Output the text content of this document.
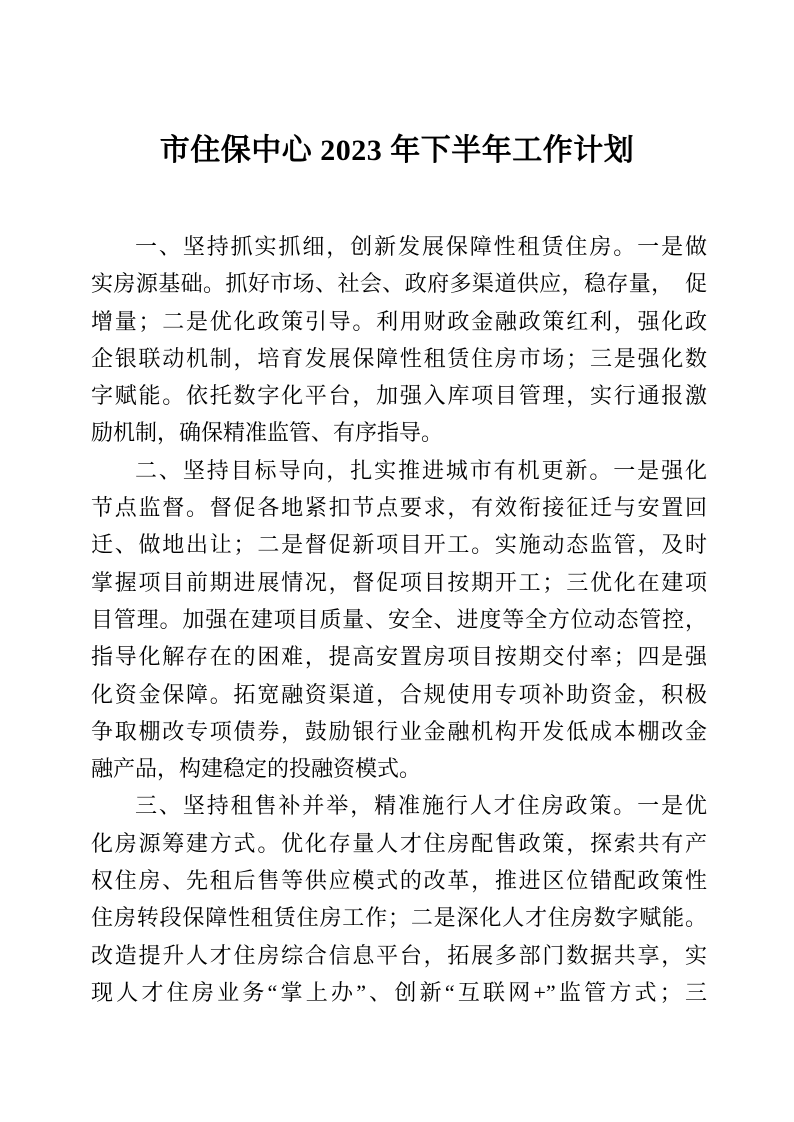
市住保中心 2023 年下半年工作计划
一、坚持抓实抓细，创新发展保障性租赁住房。一是做
实房源基础。抓好市场、社会、政府多渠道供应，稳存量，　促
增量；二是优化政策引导。利用财政金融政策红利，强化政
企银联动机制，培育发展保障性租赁住房市场；三是强化数
字赋能。依托数字化平台，加强入库项目管理，实行通报激
励机制，确保精准监管、有序指导。
二、坚持目标导向，扎实推进城市有机更新。一是强化
节点监督。督促各地紧扣节点要求，有效衔接征迁与安置回
迁、做地出让；二是督促新项目开工。实施动态监管，及时
掌握项目前期进展情况，督促项目按期开工；三优化在建项
目管理。加强在建项目质量、安全、进度等全方位动态管控，
指导化解存在的困难，提高安置房项目按期交付率；四是强
化资金保障。拓宽融资渠道，合规使用专项补助资金，积极
争取棚改专项债券，鼓励银行业金融机构开发低成本棚改金
融产品，构建稳定的投融资模式。
三、坚持租售补并举，精准施行人才住房政策。一是优
化房源筹建方式。优化存量人才住房配售政策，探索共有产
权住房、先租后售等供应模式的改革，推进区位错配政策性
住房转段保障性租赁住房工作；二是深化人才住房数字赋能。
改造提升人才住房综合信息平台，拓展多部门数据共享，实
现人才住房业务“掌上办”、创新“互联网+”监管方式；三
